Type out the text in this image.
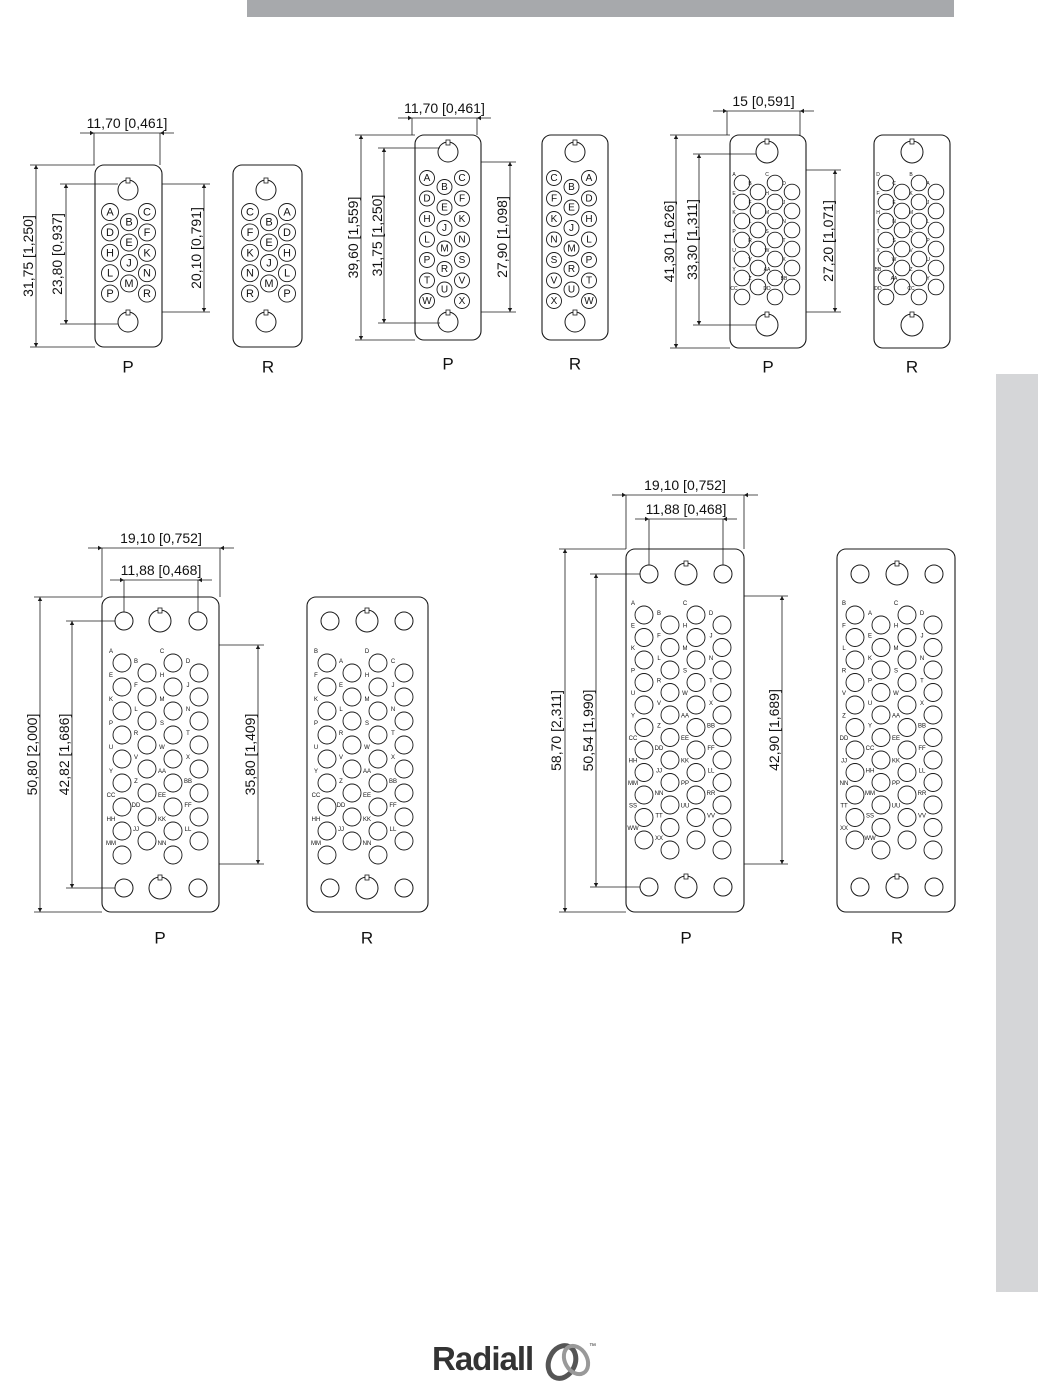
11,70 [0,461]
31,75 [1,250] 23,80 [0,937]	20,10 [0,791]
A	C
B
D	F
E
H	K
J
L	N
M
P	R
C	A
B
F	D
E
K	H
J
N	L
M
R	P
P	R
11,70 [0,461]
39,60 [1,559] 31,75 [1,250]	27,90 [1,098]
A
B
C
D
E
F
H
J
K
L
M
N
P
R
S
T
U
V
W	X
C
B
A
F
E
D
K
J
H
N
M
L
S
R
P
V
U
T
X	W
P	R
15 [0,591]
41,30 [1,626] 33,30 [1,311]	27,20 [1,071]
A
B
C
D
E
F
H
J
K
L
M
N
P
R
S
T
U
V
W
X
Y
Z
AA
BB
CC	DD
D
C
B
A
F
E
K
J
H
N
M
L
T
S
R
P
X
W
V
U
BB
AA
Z
Y
DD	CC
P	R
19,10 [0,752]
11,88 [0,468]
50,80 [2,000] 42,82 [1,686]	35,80 [1,409]
A
B
C
D
E
F
H
J
K
L
M
N
P
R
S
T
U
V
W
X
Y
Z
AA
BB
CC
DD
EE
FF
HH
JJ
KK
LL
MM	NN
B
A
D
C
F
E
H
J
K
L
M
N
P
R
S
T
U
V
W
X
Y
Z
AA
BB
CC
DD
EE
FF
HH
JJ
KK
LL
MM	NN
P	R
19,10 [0,752]
11,88 [0,468]
58,70 [2,311] 50,54 [1,990]	42,90 [1,689]
A
B
C
D
E
F
H
J
K
L
M
N
P
R
S
T
U
V
W
X
Y
Z
AA
BB
CC
DD
EE
FF
HH
JJ
KK
LL
MM
NN
PP
RR
SS
TT
UU
VV
WW
XX
B
A
C
D
F
E
H
J
L
K
M
N
R
P
S
T
V
U
W
X
Z
Y
AA
BB
DD
CC
EE
FF
JJ
HH
KK
LL
NN
MM
PP
RR
TT
SS
UU
VV
XX
WW
P	R
Radiall	™
